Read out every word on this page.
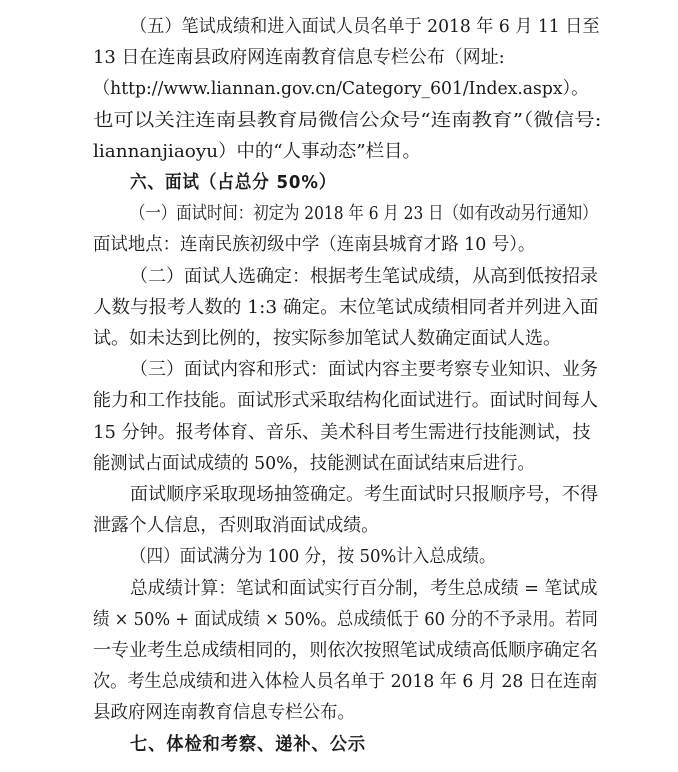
（五）笔试成绩和进入面试人员名单于 2018 年 6 月 11 日至
13 日在连南县政府网连南教育信息专栏公布（网址:
（http://www.liannan.gov.cn/Category_601/Index.aspx）。
也可以关注连南县教育局微信公众号“连南教育”（微信号:
liannanjiaoyu）中的“人事动态”栏目。
六、面试（占总分 50%）
（一）面试时间：初定为 2018 年 6 月 23 日（如有改动另行通知）
面试地点：连南民族初级中学（连南县城育才路 10 号）。
（二）面试人选确定：根据考生笔试成绩，从高到低按招录
人数与报考人数的 1:3 确定。末位笔试成绩相同者并列进入面
试。如未达到比例的，按实际参加笔试人数确定面试人选。
（三）面试内容和形式：面试内容主要考察专业知识、业务
能力和工作技能。面试形式采取结构化面试进行。面试时间每人
15 分钟。报考体育、音乐、美术科目考生需进行技能测试，技
能测试占面试成绩的 50%，技能测试在面试结束后进行。
面试顺序采取现场抽签确定。考生面试时只报顺序号，不得
泄露个人信息，否则取消面试成绩。
（四）面试满分为 100 分，按 50%计入总成绩。
总成绩计算：笔试和面试实行百分制，考生总成绩 = 笔试成
绩 × 50% + 面试成绩 × 50%。总成绩低于 60 分的不予录用。若同
一专业考生总成绩相同的，则依次按照笔试成绩高低顺序确定名
次。考生总成绩和进入体检人员名单于 2018 年 6 月 28 日在连南
县政府网连南教育信息专栏公布。
七、体检和考察、递补、公示
